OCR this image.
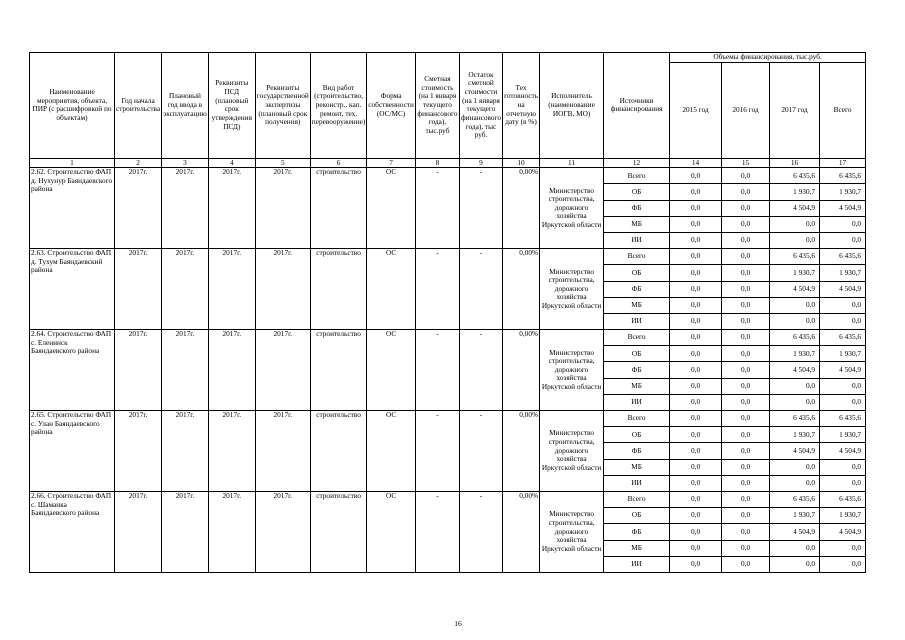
Наименование мероприятия, объекта, ПИР (с расшифровкой по объектам)	Год начала строительства	Плановый год ввода в эксплуатацию	Реквизиты ПСД (плановый срок утверждения ПСД)	Реквизиты государственной экспертизы (плановый срок получения)	Вид работ (строительство, реконстр., кап. ремонт, тех. перевооружение)	Форма собственности (ОС/МС)	Сметная стоимость (на 1 января текущего финансового года), тыс.руб	Остаток сметной стоимости (на 1 января текущего финансового года), тыс руб.	Тех готовность на отчетную дату (в %)	Исполнитель (наименование ИОГВ, МО)	Источники финансирования	Объемы финансирования, тыс.руб.			
												2015 год	2016 год	2017 год	Всего
1	2	3	4	5	6	7	8	9	10	11	12	14	15	16	17
2.62. Строительство ФАП д. Нухунур Баяндаевского района	2017г.	2017г.	2017г.	2017г.	строительство	ОС	-	-	0,00%	Министерство строительства, дорожного хозяйства Иркутской области	Всего	0,0	0,0	6 435,6	6 435,6
											ОБ	0,0	0,0	1 930,7	1 930,7
											ФБ	0,0	0,0	4 504,9	4 504,9
											МБ	0,0	0,0	0,0	0,0
											ИИ	0,0	0,0	0,0	0,0
2.63. Строительство ФАП д. Тухум Баяндаевский района	2017г.	2017г.	2017г.	2017г.	строительство	ОС	-	-	0,00%	Министерство строительства, дорожного хозяйства Иркутской области	Всего	0,0	0,0	6 435,6	6 435,6
											ОБ	0,0	0,0	1 930,7	1 930,7
											ФБ	0,0	0,0	4 504,9	4 504,9
											МБ	0,0	0,0	0,0	0,0
											ИИ	0,0	0,0	0,0	0,0
2.64. Строительство ФАП с. Еленинск Баяндаевского района	2017г.	2017г.	2017г.	2017г.	строительство	ОС	-	-	0,00%	Министерство строительства, дорожного хозяйства Иркутской области	Всего	0,0	0,0	6 435,6	6 435,6
											ОБ	0,0	0,0	1 930,7	1 930,7
											ФБ	0,0	0,0	4 504,9	4 504,9
											МБ	0,0	0,0	0,0	0,0
											ИИ	0,0	0,0	0,0	0,0
2.65. Строительство ФАП с. Улан Баяндаевского района	2017г.	2017г.	2017г.	2017г.	строительство	ОС	-	-	0,00%	Министерство строительства, дорожного хозяйства Иркутской области	Всего	0,0	0,0	6 435,6	6 435,6
											ОБ	0,0	0,0	1 930,7	1 930,7
											ФБ	0,0	0,0	4 504,9	4 504,9
											МБ	0,0	0,0	0,0	0,0
											ИИ	0,0	0,0	0,0	0,0
2.66. Строительство ФАП с. Шаманка Баяндаевского района	2017г.	2017г.	2017г.	2017г.	строительство	ОС	-	-	0,00%	Министерство строительства, дорожного хозяйства Иркутской области	Всего	0,0	0,0	6 435,6	6 435,6
											ОБ	0,0	0,0	1 930,7	1 930,7
											ФБ	0,0	0,0	4 504,9	4 504,9
											МБ	0,0	0,0	0,0	0,0
											ИИ	0,0	0,0	0,0	0,0
16
